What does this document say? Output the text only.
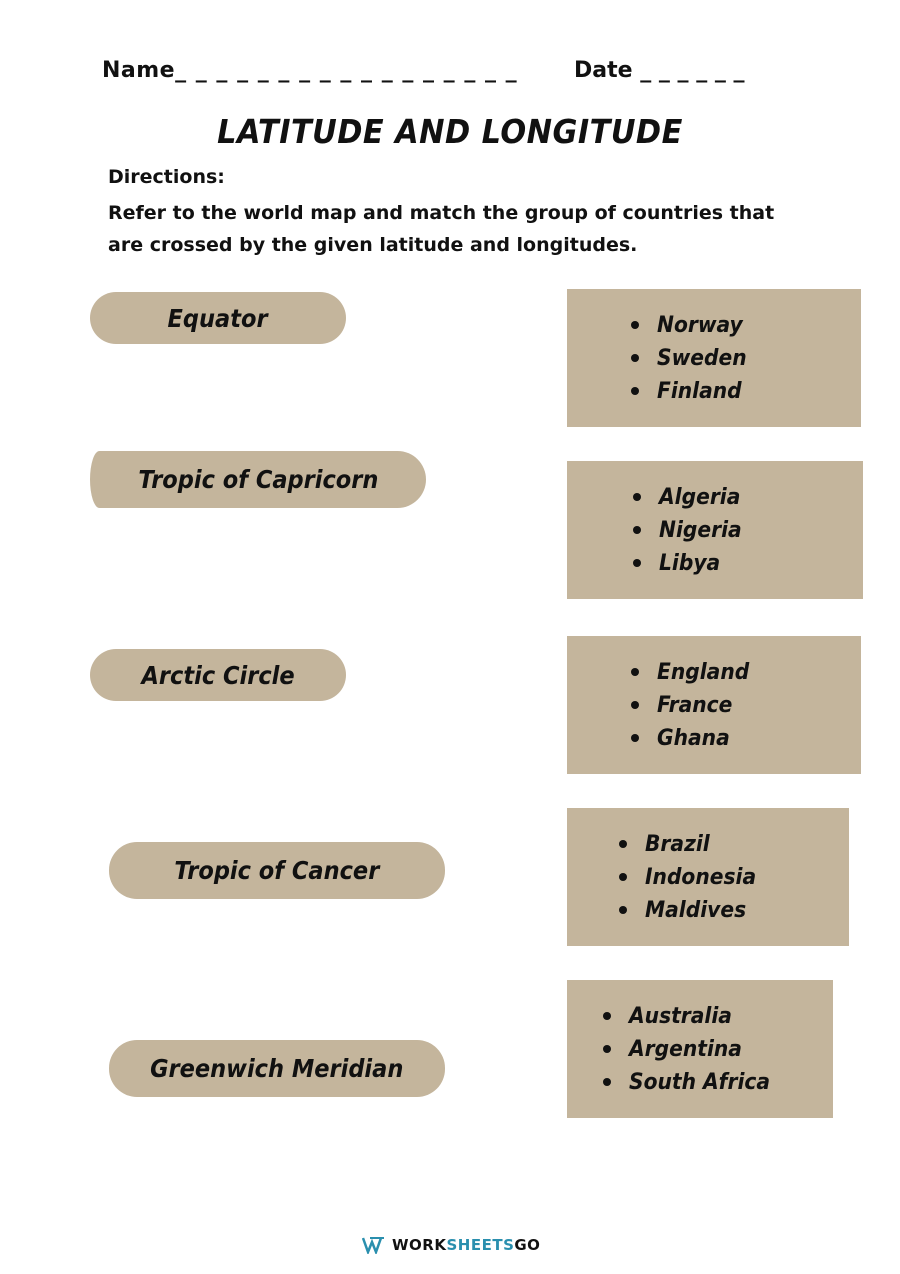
Name_ _ _ _ _ _ _ _ _ _ _ _ _ _ _ _ _	Date _ _ _ _ _ _
LATITUDE AND LONGITUDE
Directions:
Refer to the world map and match the group of countries that are crossed by the given latitude and longitudes.
Equator
Tropic of Capricorn
Arctic Circle
Tropic of Cancer
Greenwich Meridian
Norway
Sweden
Finland
Algeria
Nigeria
Libya
England
France
Ghana
Brazil
Indonesia
Maldives
Australia
Argentina
South Africa
WORK SHEETS GO
